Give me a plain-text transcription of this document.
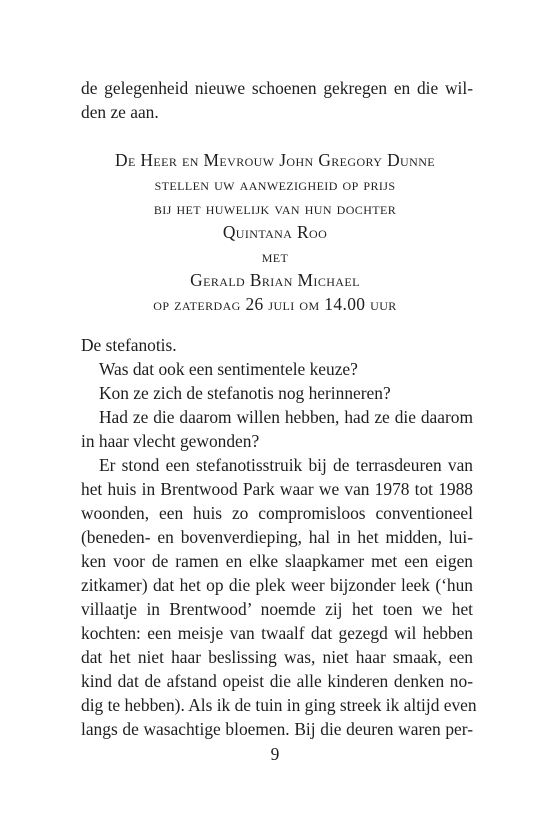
de gelegenheid nieuwe schoenen gekregen en die wil-
den ze aan.
De Heer en Mevrouw John Gregory Dunne
stellen uw aanwezigheid op prijs
bij het huwelijk van hun dochter
Quintana Roo
met
Gerald Brian Michael
op zaterdag 26 juli om 14.00 uur
De stefanotis.
Was dat ook een sentimentele keuze?
Kon ze zich de stefanotis nog herinneren?
Had ze die daarom willen hebben, had ze die daarom
in haar vlecht gewonden?
Er stond een stefanotisstruik bij de terrasdeuren van
het huis in Brentwood Park waar we van 1978 tot 1988
woonden, een huis zo compromisloos conventioneel
(beneden- en bovenverdieping, hal in het midden, lui-
ken voor de ramen en elke slaapkamer met een eigen
zitkamer) dat het op die plek weer bijzonder leek (‘hun
villaatje in Brentwood’ noemde zij het toen we het
kochten: een meisje van twaalf dat gezegd wil hebben
dat het niet haar beslissing was, niet haar smaak, een
kind dat de afstand opeist die alle kinderen denken no-
dig te hebben). Als ik de tuin in ging streek ik altijd even
langs de wasachtige bloemen. Bij die deuren waren per-
9
